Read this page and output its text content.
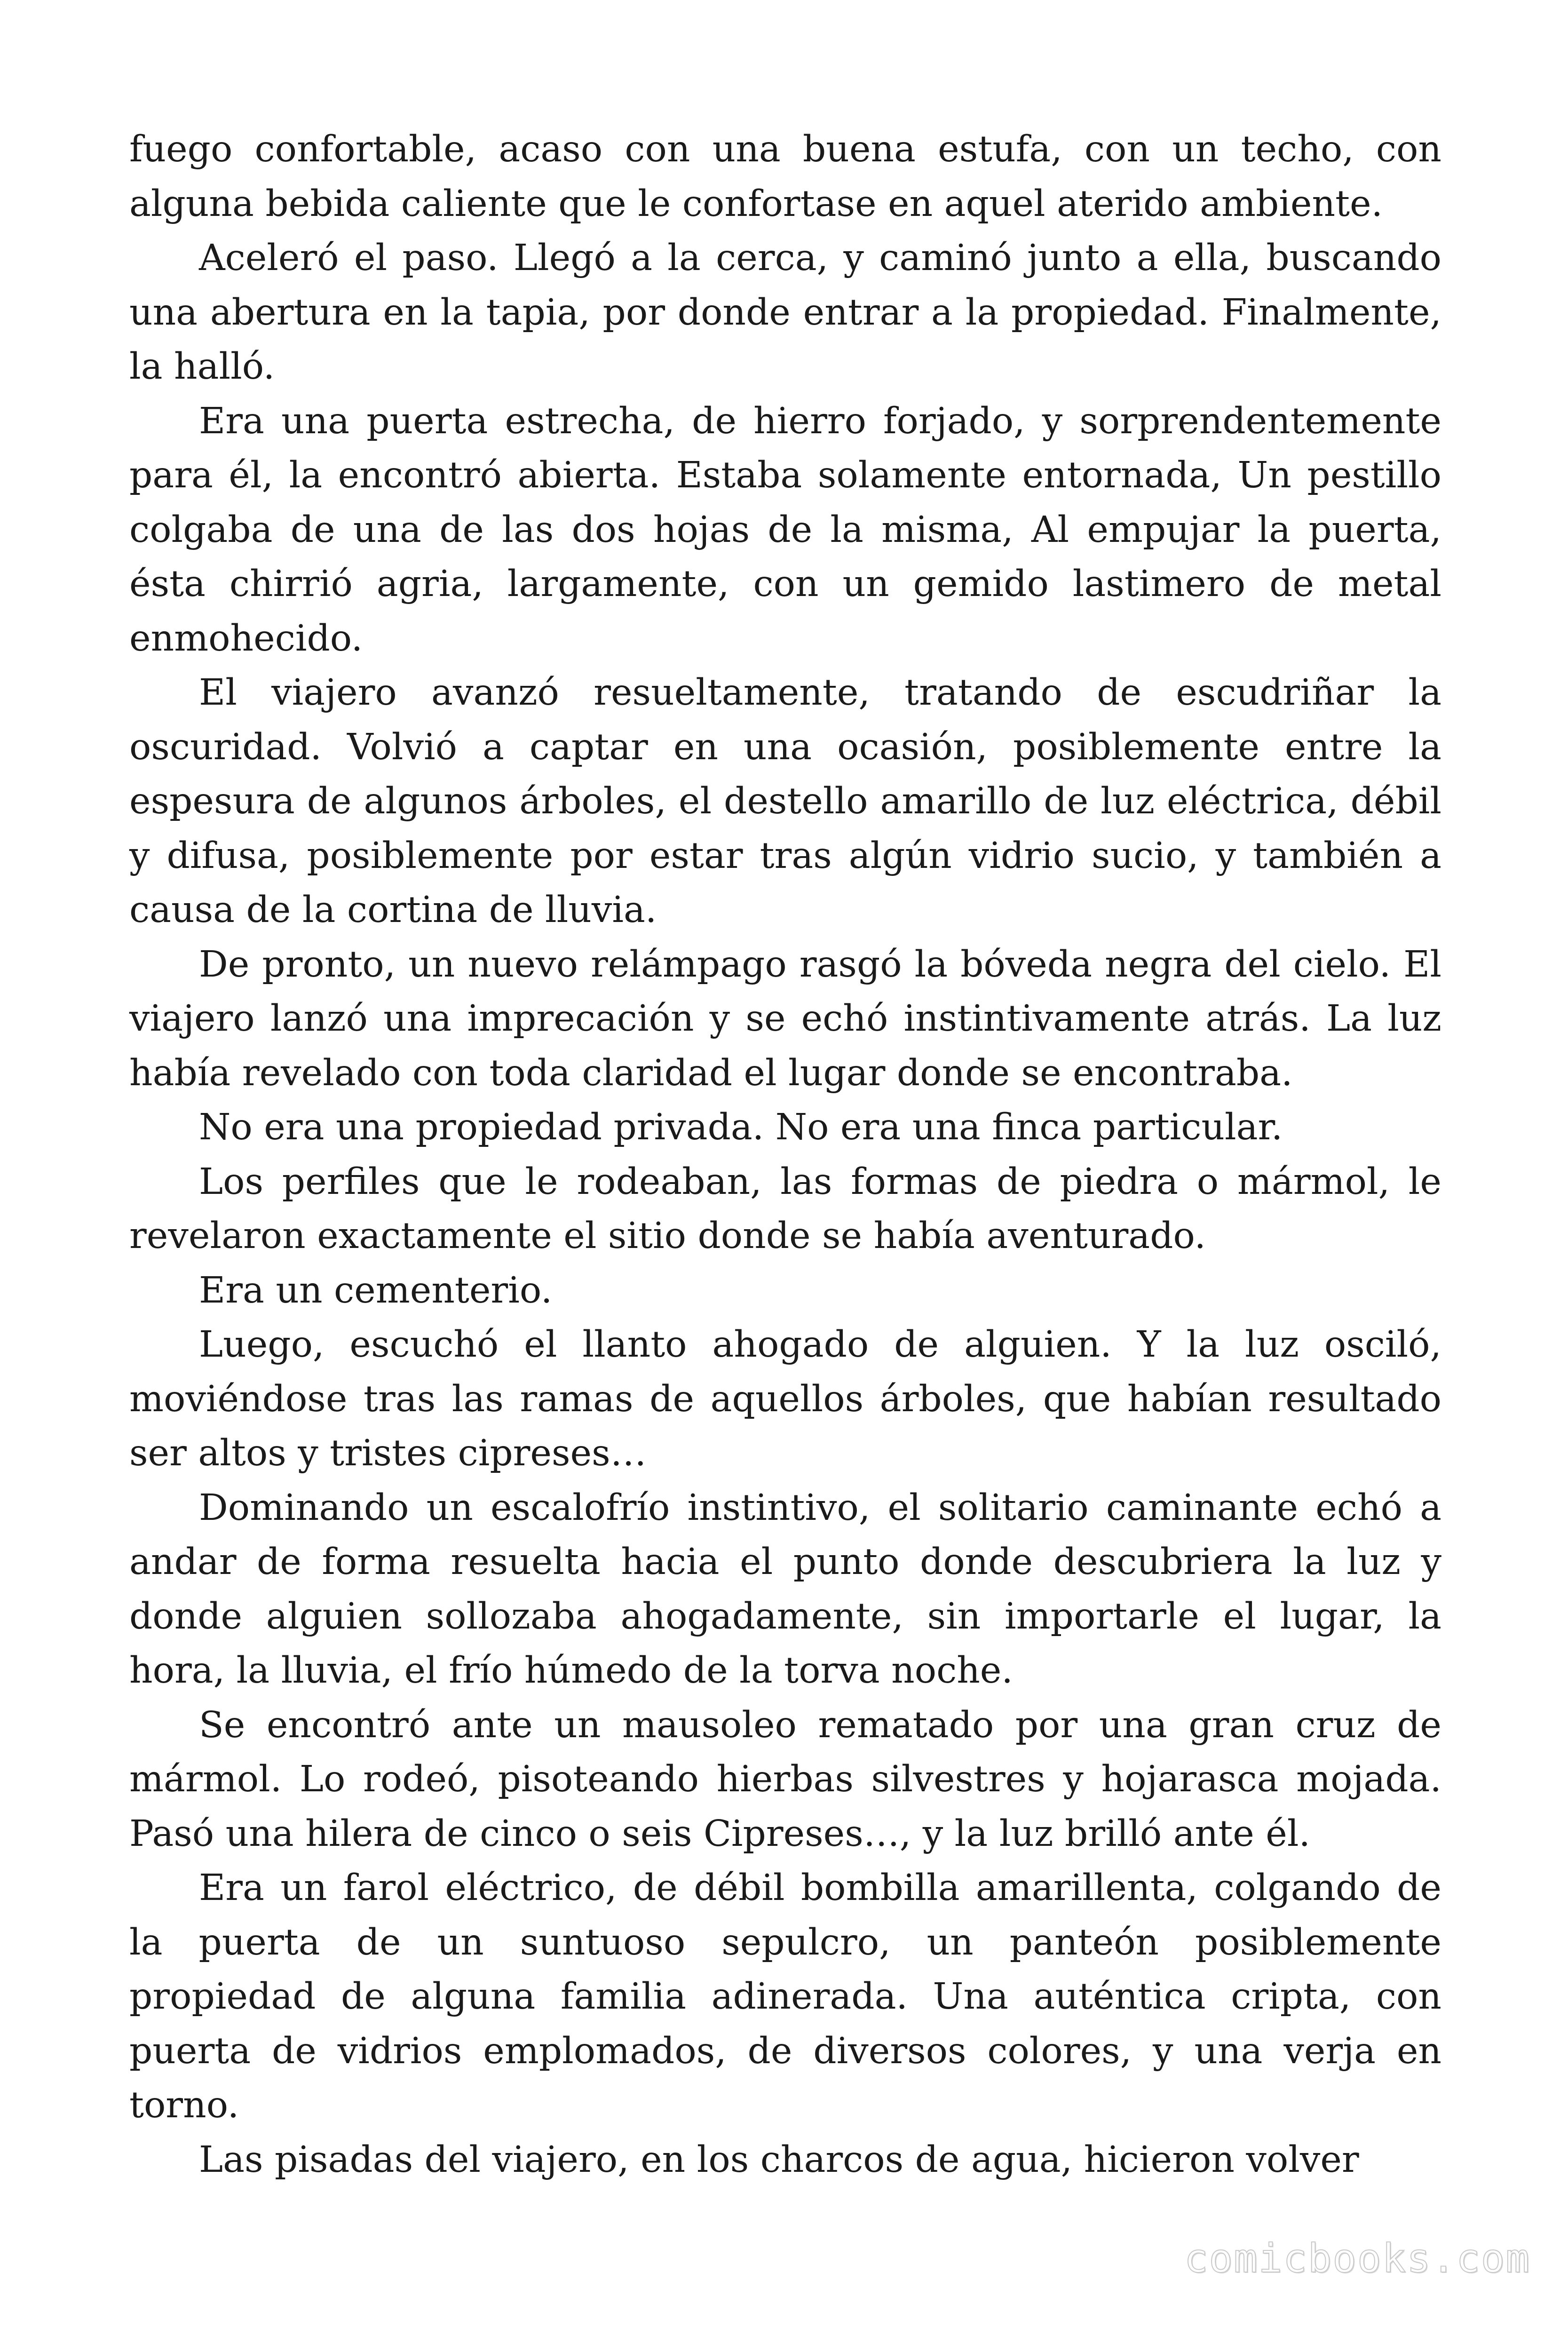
fuego confortable, acaso con una buena estufa, con un techo, con alguna bebida caliente que le confortase en aquel aterido ambiente.

Aceleró el paso. Llegó a la cerca, y caminó junto a ella, buscando una abertura en la tapia, por donde entrar a la propiedad. Finalmente, la halló.

Era una puerta estrecha, de hierro forjado, y sorprendentemente para él, la encontró abierta. Estaba solamente entornada, Un pestillo colgaba de una de las dos hojas de la misma, Al empujar la puerta, ésta chirrió agria, largamente, con un gemido lastimero de metal enmohecido.

El viajero avanzó resueltamente, tratando de escudriñar la oscuridad. Volvió a captar en una ocasión, posiblemente entre la espesura de algunos árboles, el destello amarillo de luz eléctrica, débil y difusa, posiblemente por estar tras algún vidrio sucio, y también a causa de la cortina de lluvia.

De pronto, un nuevo relámpago rasgó la bóveda negra del cielo. El viajero lanzó una imprecación y se echó instintivamente atrás. La luz había revelado con toda claridad el lugar donde se encontraba.

No era una propiedad privada. No era una finca particular.

Los perfiles que le rodeaban, las formas de piedra o mármol, le revelaron exactamente el sitio donde se había aventurado.

Era un cementerio.

Luego, escuchó el llanto ahogado de alguien. Y la luz osciló, moviéndose tras las ramas de aquellos árboles, que habían resultado ser altos y tristes cipreses…

Dominando un escalofrío instintivo, el solitario caminante echó a andar de forma resuelta hacia el punto donde descubriera la luz y donde alguien sollozaba ahogadamente, sin importarle el lugar, la hora, la lluvia, el frío húmedo de la torva noche.

Se encontró ante un mausoleo rematado por una gran cruz de mármol. Lo rodeó, pisoteando hierbas silvestres y hojarasca mojada. Pasó una hilera de cinco o seis Cipreses…, y la luz brilló ante él.

Era un farol eléctrico, de débil bombilla amarillenta, colgando de la puerta de un suntuoso sepulcro, un panteón posiblemente propiedad de alguna familia adinerada. Una auténtica cripta, con puerta de vidrios emplomados, de diversos colores, y una verja en torno.

Las pisadas del viajero, en los charcos de agua, hicieron volver

comicbooks.com
